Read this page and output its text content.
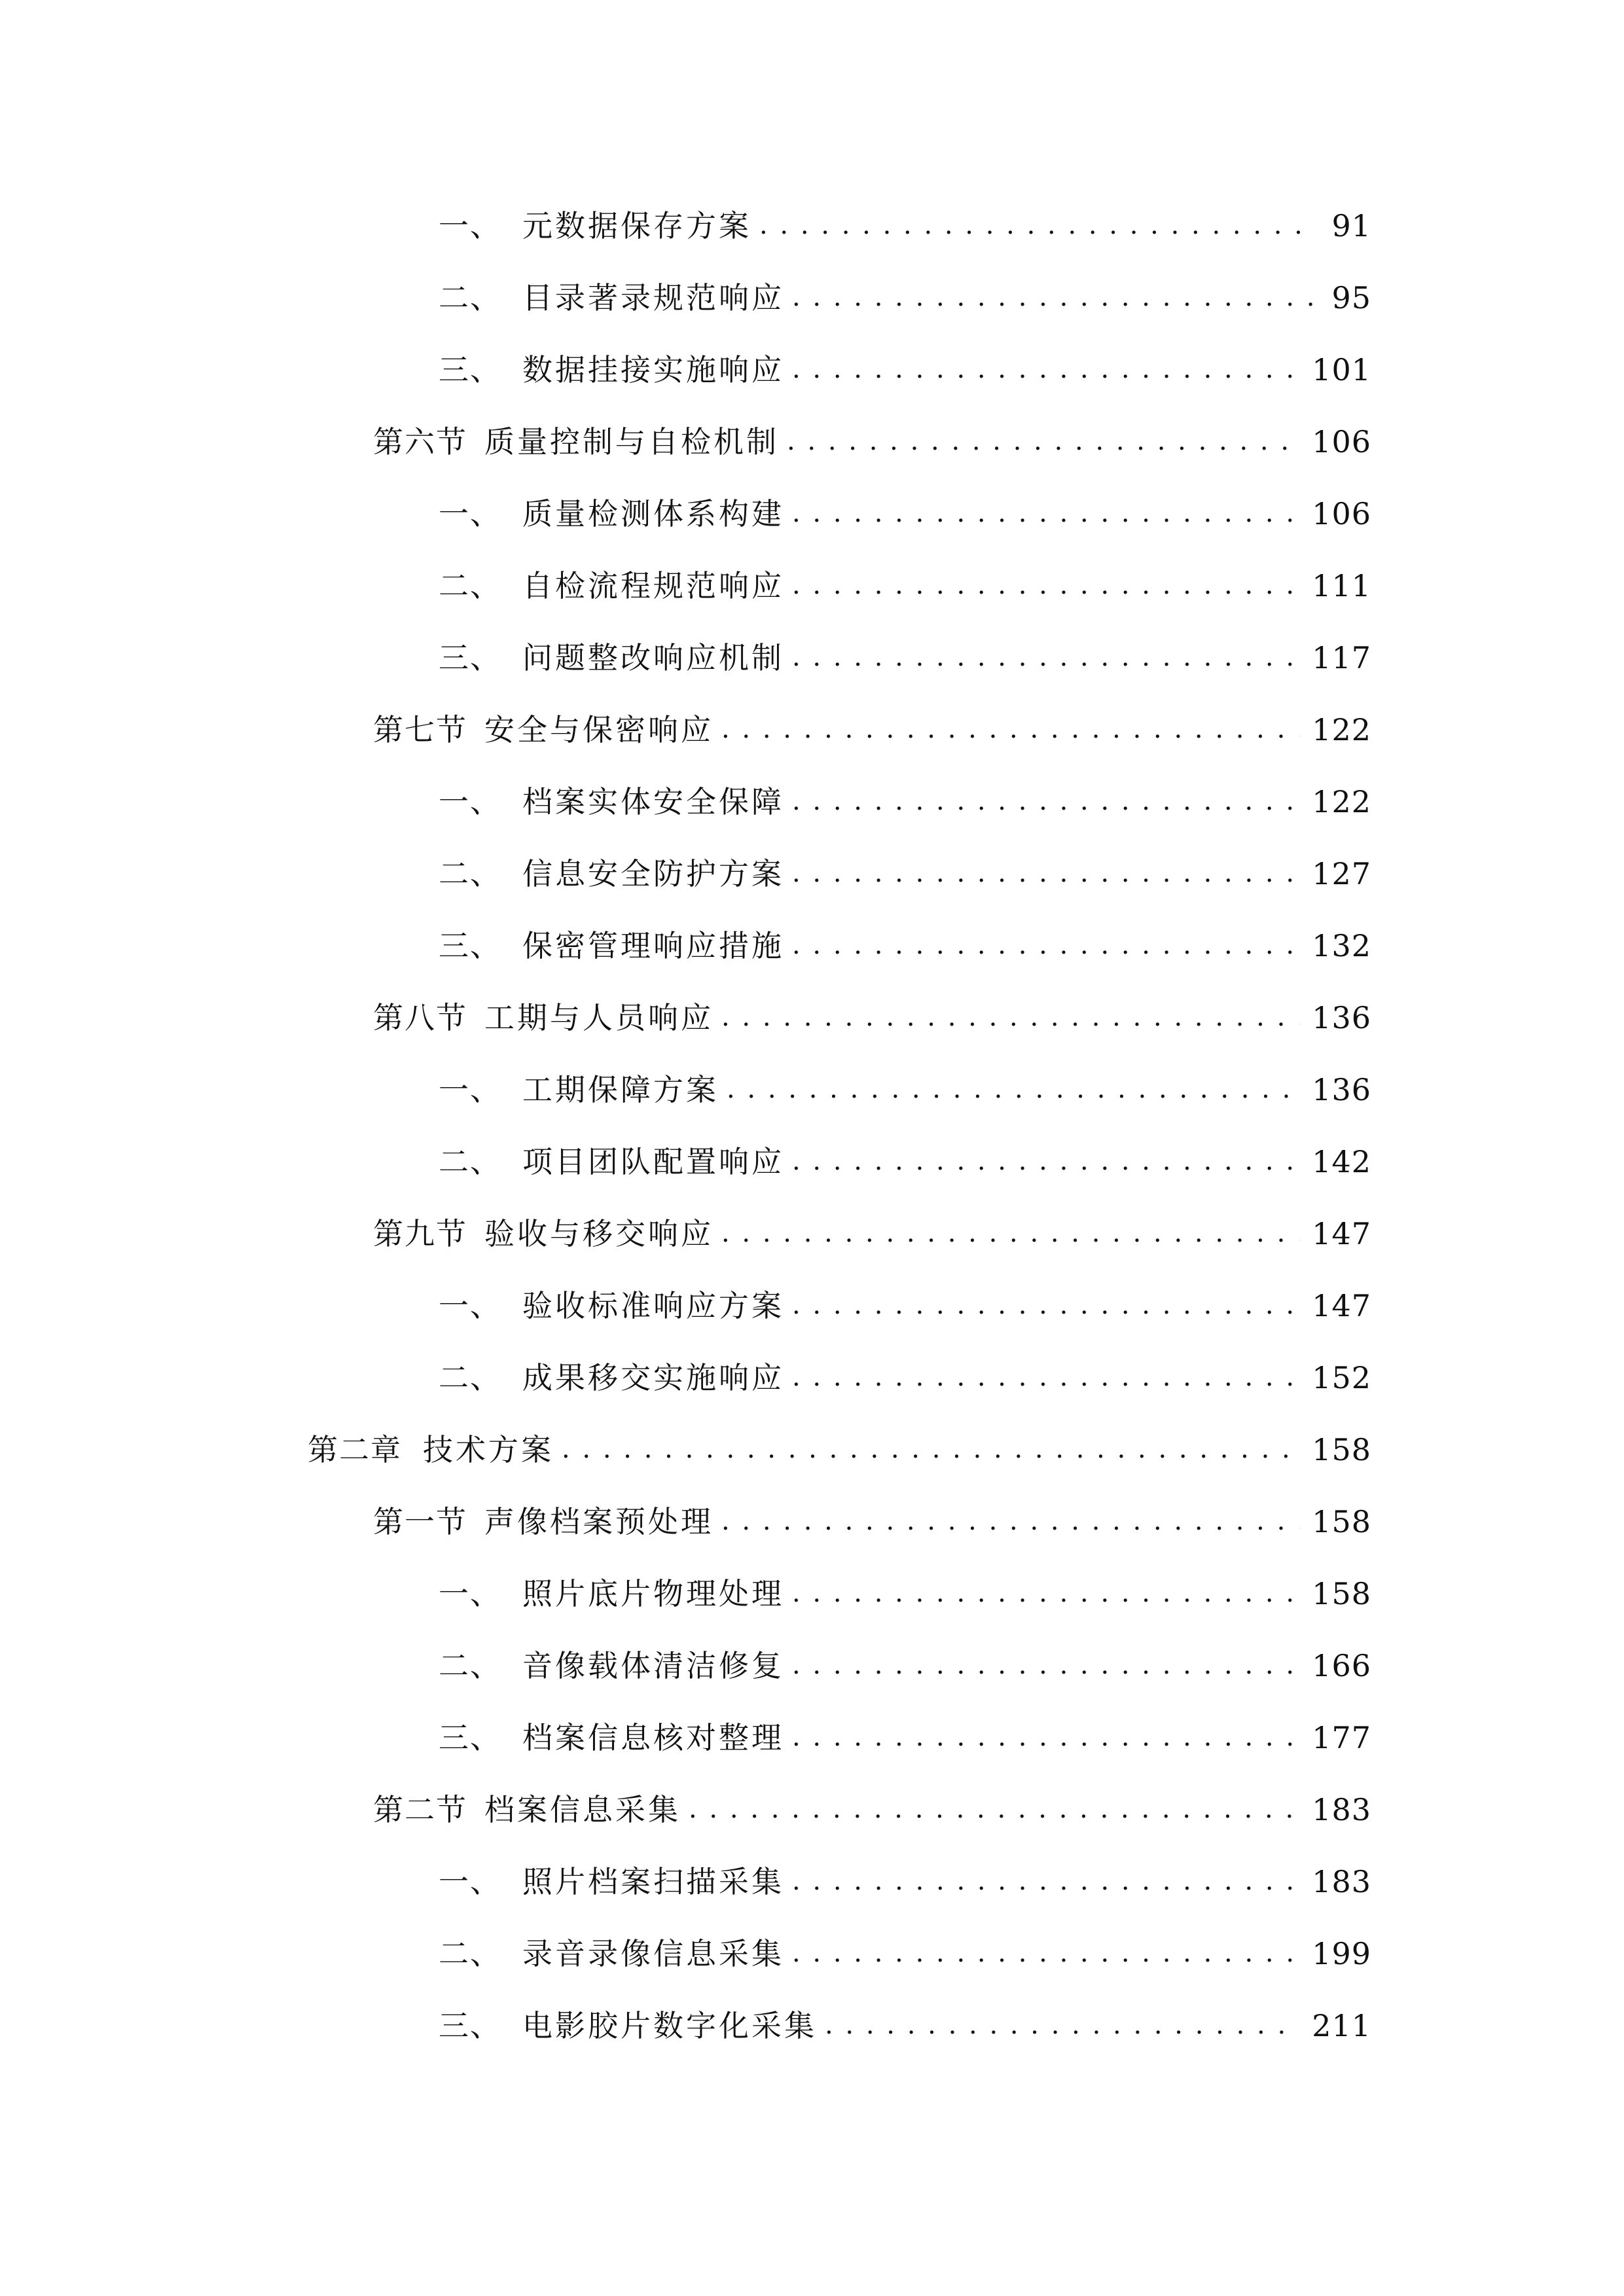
一、 元数据保存方案 . . .	91
二、 目录著录规范响应 . . .	95
三、 数据挂接实施响应 . . .	101
第六节 质量控制与自检机制 . . .	106
一、 质量检测体系构建 . . .	106
二、 自检流程规范响应 . . .	111
三、 问题整改响应机制 . . .	117
第七节 安全与保密响应 . . .	122
一、 档案实体安全保障 . . .	122
二、 信息安全防护方案 . . .	127
三、 保密管理响应措施 . . .	132
第八节 工期与人员响应 . . .	136
一、 工期保障方案 . . .	136
二、 项目团队配置响应 . . .	142
第九节 验收与移交响应 . . .	147
一、 验收标准响应方案 . . .	147
二、 成果移交实施响应 . . .	152
第二章 技术方案 . . .	158
第一节 声像档案预处理 . . .	158
一、 照片底片物理处理 . . .	158
二、 音像载体清洁修复 . . .	166
三、 档案信息核对整理 . . .	177
第二节 档案信息采集 . . .	183
一、 照片档案扫描采集 . . .	183
二、 录音录像信息采集 . . .	199
三、 电影胶片数字化采集 . . .	211
